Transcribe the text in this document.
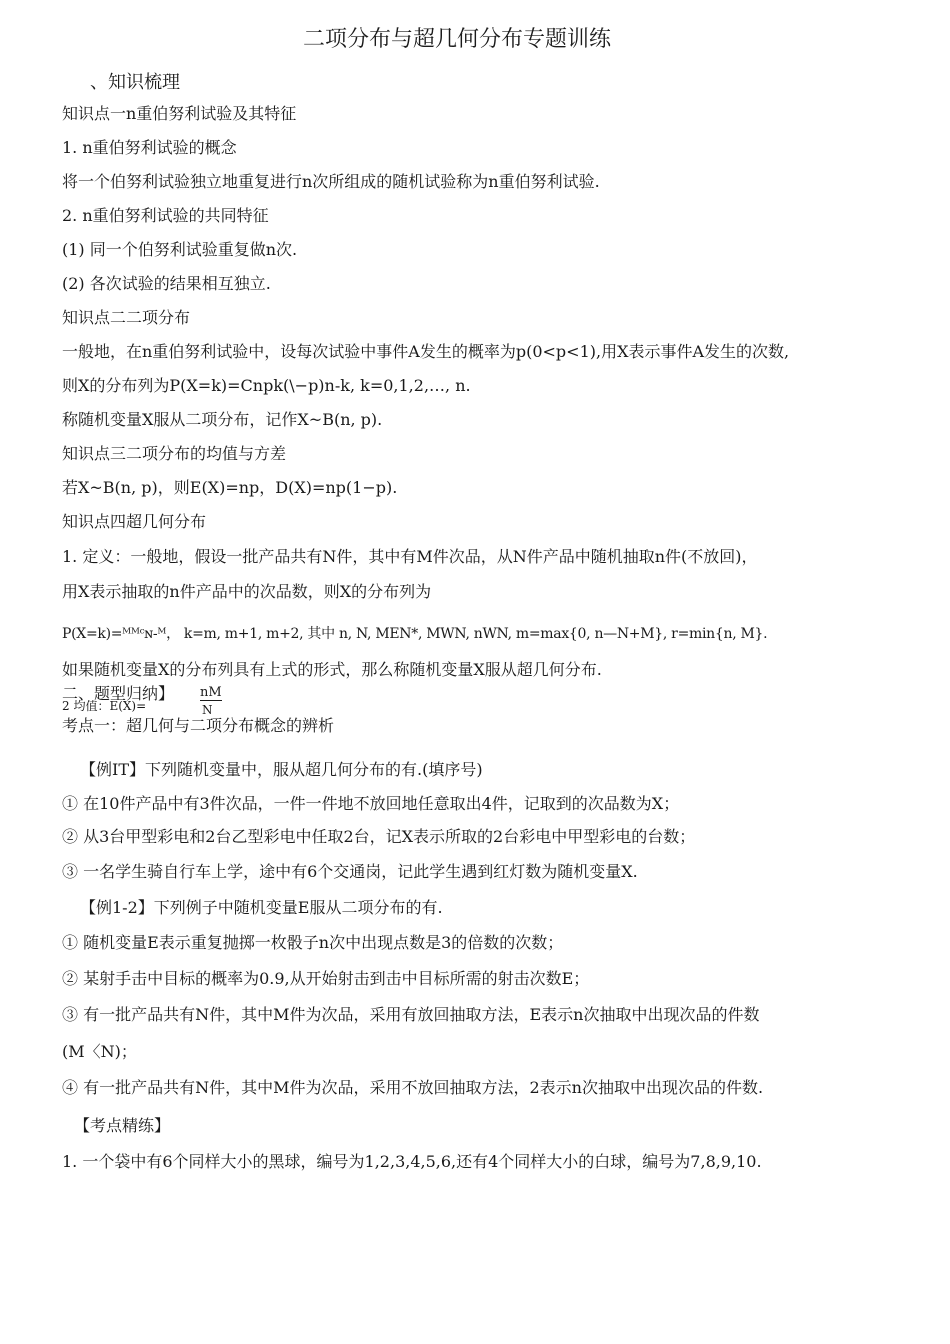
二项分布与超几何分布专题训练
、知识梳理
知识点一n重伯努利试验及其特征
1. n重伯努利试验的概念
将一个伯努利试验独立地重复进行n次所组成的随机试验称为n重伯努利试验.
2. n重伯努利试验的共同特征
(1) 同一个伯努利试验重复做n次.
(2) 各次试验的结果相互独立.
知识点二二项分布
一般地，在n重伯努利试验中，设每次试验中事件A发生的概率为p(0<p<1),用X表示事件A发生的次数,
则X的分布列为P(X=k)=Cnpk(\−p)n-k, k=0,1,2,…, n.
称随机变量X服从二项分布，记作X~B(n, p).
知识点三二项分布的均值与方差
若X~B(n, p)，则E(X)=np，D(X)=np(1−p).
知识点四超几何分布
1. 定义：一般地，假设一批产品共有N件，其中有M件次品，从N件产品中随机抽取n件(不放回)，
用X表示抽取的n件产品中的次品数，则X的分布列为
P(X=k)=ᴹᴹᶜɴ-ᴹ， k=m, m+1, m+2, 其中 n, N, MEN*, MWN, nWN, m=max{0, n—N+M}, r=min{n, M}.
如果随机变量X的分布列具有上式的形式，那么称随机变量X服从超几何分布.
二、题型归纳】 nM
N
2 均值：E(X)=
考点一：超几何与二项分布概念的辨析
【例IT】下列随机变量中，服从超几何分布的有.(填序号)
① 在10件产品中有3件次品，一件一件地不放回地任意取出4件，记取到的次品数为X；
② 从3台甲型彩电和2台乙型彩电中任取2台，记X表示所取的2台彩电中甲型彩电的台数；
③ 一名学生骑自行车上学，途中有6个交通岗，记此学生遇到红灯数为随机变量X.
【例1-2】下列例子中随机变量E服从二项分布的有.
① 随机变量E表示重复抛掷一枚骰子n次中出现点数是3的倍数的次数；
② 某射手击中目标的概率为0.9,从开始射击到击中目标所需的射击次数E；
③ 有一批产品共有N件，其中M件为次品，采用有放回抽取方法，E表示n次抽取中出现次品的件数
(M〈N)；
④ 有一批产品共有N件，其中M件为次品，采用不放回抽取方法，2表示n次抽取中出现次品的件数.
【考点精练】
1. 一个袋中有6个同样大小的黑球，编号为1,2,3,4,5,6,还有4个同样大小的白球，编号为7,8,9,10.
